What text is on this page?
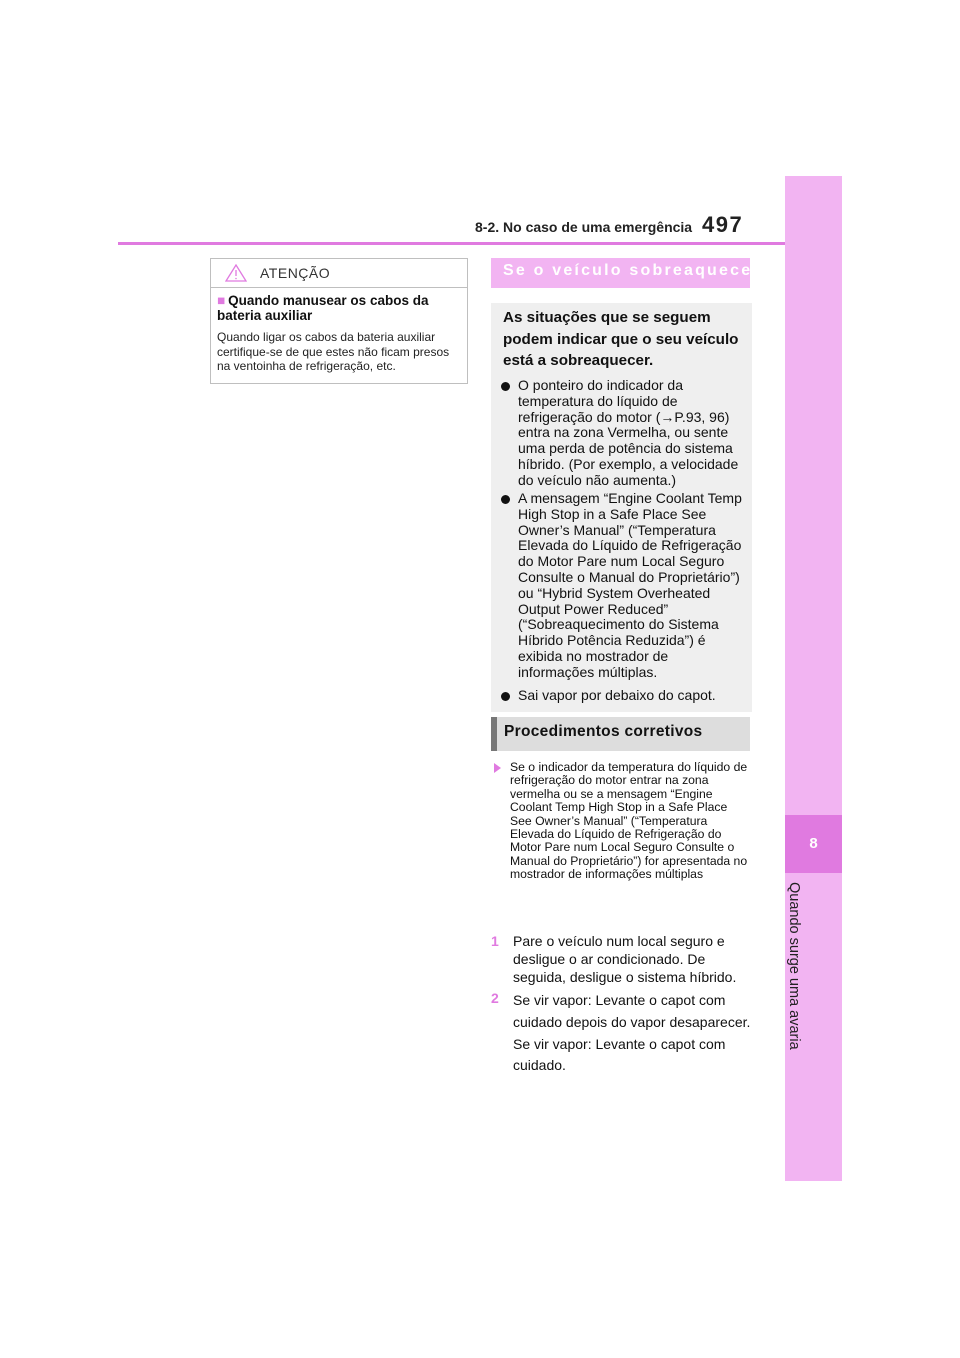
8
Quando surge uma avaria
8-2. No caso de uma emergência 497
ATENÇÃO
■ Quando manusear os cabos da bateria auxiliar
Quando ligar os cabos da bateria auxiliar certifique-se de que estes não ficam presos na ventoinha de refrigeração, etc.
Se o veículo sobreaquecer
As situações que se seguem podem indicar que o seu veículo está a sobreaquecer.
O ponteiro do indicador da temperatura do líquido de refrigeração do motor (→P.93, 96) entra na zona Vermelha, ou sente uma perda de potência do sistema híbrido. (Por exemplo, a velocidade do veículo não aumenta.)
A mensagem “Engine Coolant Temp High Stop in a Safe Place See Owner’s Manual” (“Temperatura Elevada do Líquido de Refrigeração do Motor Pare num Local Seguro Consulte o Manual do Proprietário”) ou “Hybrid System Overheated Output Power Reduced” (“Sobreaquecimento do Sistema Híbrido Potência Reduzida”) é exibida no mostrador de informações múltiplas.
Sai vapor por debaixo do capot.
Procedimentos corretivos
Se o indicador da temperatura do líquido de refrigeração do motor entrar na zona vermelha ou se a mensagem “Engine Coolant Temp High Stop in a Safe Place See Owner’s Manual” (“Temperatura Elevada do Líquido de Refrigeração do Motor Pare num Local Seguro Consulte o Manual do Proprietário”) for apresentada no mostrador de informações múltiplas
1 Pare o veículo num local seguro e desligue o ar condicionado. De seguida, desligue o sistema híbrido.
2 Se vir vapor: Levante o capot com cuidado depois do vapor desaparecer.

Se vir vapor: Levante o capot com cuidado.
